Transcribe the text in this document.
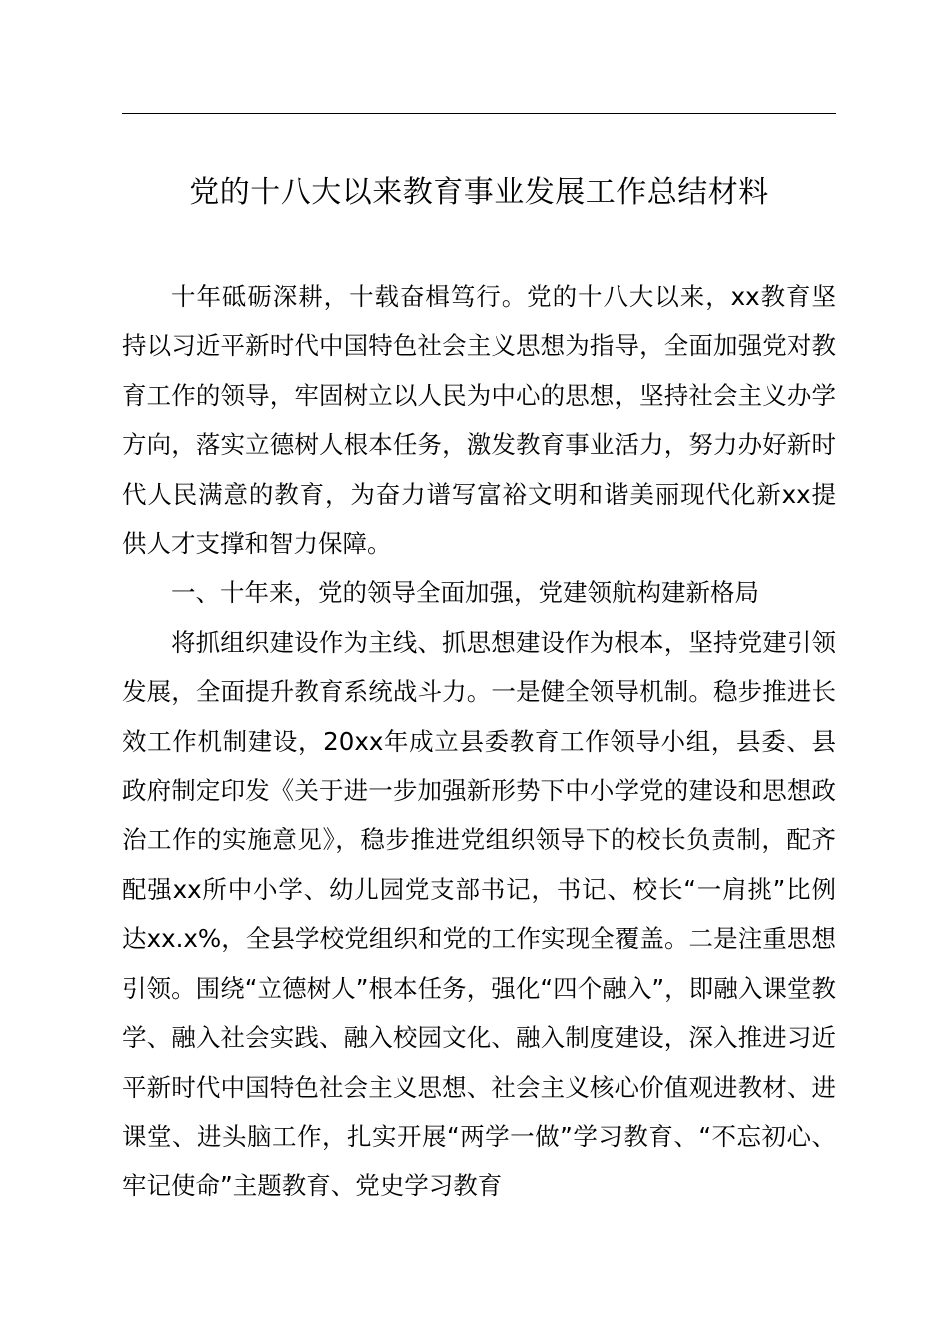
党的十八大以来教育事业发展工作总结材料

十年砥砺深耕，十载奋楫笃行。党的十八大以来，xx教育坚持以习近平新时代中国特色社会主义思想为指导，全面加强党对教育工作的领导，牢固树立以人民为中心的思想，坚持社会主义办学方向，落实立德树人根本任务，激发教育事业活力，努力办好新时代人民满意的教育，为奋力谱写富裕文明和谐美丽现代化新xx提供人才支撑和智力保障。

一、十年来，党的领导全面加强，党建领航构建新格局

将抓组织建设作为主线、抓思想建设作为根本，坚持党建引领发展，全面提升教育系统战斗力。一是健全领导机制。稳步推进长效工作机制建设，20xx年成立县委教育工作领导小组，县委、县政府制定印发《关于进一步加强新形势下中小学党的建设和思想政治工作的实施意见》，稳步推进党组织领导下的校长负责制，配齐配强xx所中小学、幼儿园党支部书记，书记、校长“一肩挑”比例达xx.x%，全县学校党组织和党的工作实现全覆盖。二是注重思想引领。围绕“立德树人”根本任务，强化“四个融入”，即融入课堂教学、融入社会实践、融入校园文化、融入制度建设，深入推进习近平新时代中国特色社会主义思想、社会主义核心价值观进教材、进课堂、进头脑工作，扎实开展“两学一做”学习教育、“不忘初心、牢记使命”主题教育、党史学习教育
